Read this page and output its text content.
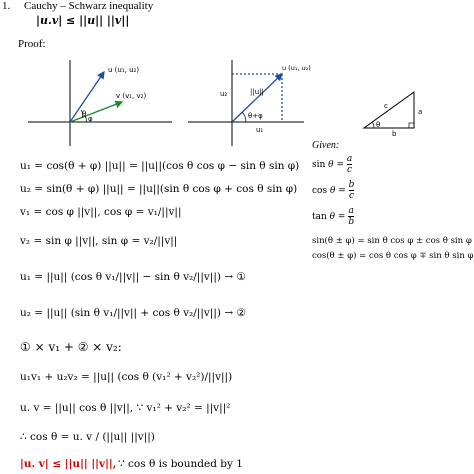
1. Cauchy – Schwarz inequality
|u.v| ≤ ||u|| ||v||
Proof:
u (u₁, u₂)
v (v₁, v₂)
θ
φ
u (u₁, u₂)
||u||
u₂
u₁
θ+φ
c
a
b
θ
Given:
$\sin \theta = \frac{a}{c}$
$\cos \theta = \frac{b}{c}$
$\tan \theta = \frac{a}{b}$
sin(θ ± φ) = sin θ cos φ ± cos θ sin φ
cos(θ ± φ) = cos θ cos φ ∓ sin θ sin φ
u₁ = cos(θ + φ) ||u|| = ||u||(cos θ cos φ − sin θ sin φ)
u₂ = sin(θ + φ) ||u|| = ||u||(sin θ cos φ + cos θ sin φ)
v₁ = cos φ ||v||, cos φ = v₁/||v||
v₂ = sin φ ||v||, sin φ = v₂/||v||
u₁ = ||u|| (cos θ v₁/||v|| − sin θ v₂/||v||) → ①
u₂ = ||u|| (sin θ v₁/||v|| + cos θ v₂/||v||) → ②
① × v₁ + ② × v₂:
u₁v₁ + u₂v₂ = ||u|| (cos θ (v₁² + v₂²)/||v||)
u. v = ||u|| cos θ ||v||, ∵ v₁² + v₂² = ||v||²
∴ cos θ = u. v / (||u|| ||v||)
|u. v| ≤ ||u|| ||v||, ∵ cos θ is bounded by 1
